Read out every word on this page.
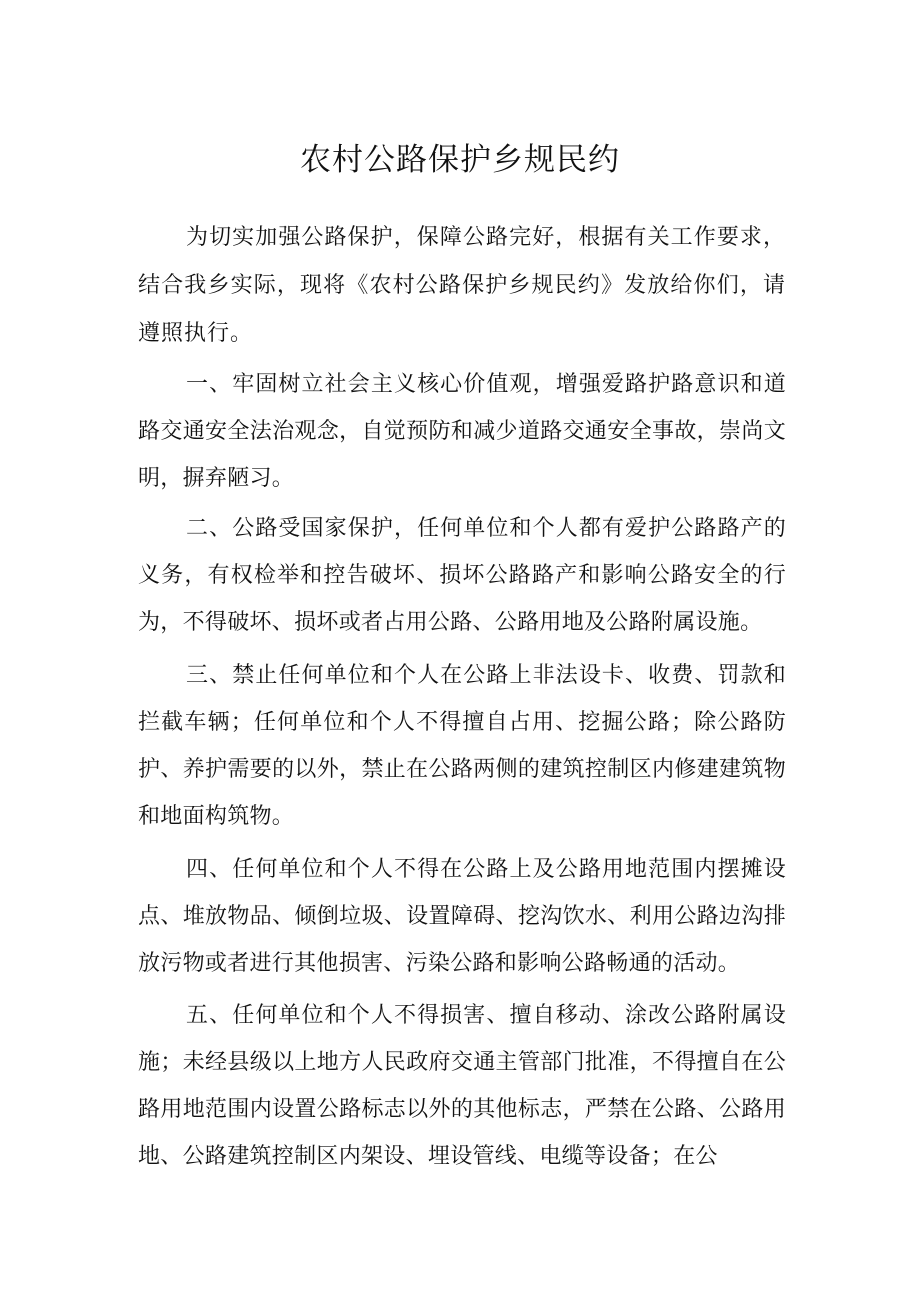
农村公路保护乡规民约

为切实加强公路保护，保障公路完好，根据有关工作要求，结合我乡实际，现将《农村公路保护乡规民约》发放给你们，请遵照执行。

一、牢固树立社会主义核心价值观，增强爱路护路意识和道路交通安全法治观念，自觉预防和减少道路交通安全事故，崇尚文明，摒弃陋习。

二、公路受国家保护，任何单位和个人都有爱护公路路产的义务，有权检举和控告破坏、损坏公路路产和影响公路安全的行为，不得破坏、损坏或者占用公路、公路用地及公路附属设施。

三、禁止任何单位和个人在公路上非法设卡、收费、罚款和拦截车辆；任何单位和个人不得擅自占用、挖掘公路；除公路防护、养护需要的以外，禁止在公路两侧的建筑控制区内修建建筑物和地面构筑物。

四、任何单位和个人不得在公路上及公路用地范围内摆摊设点、堆放物品、倾倒垃圾、设置障碍、挖沟饮水、利用公路边沟排放污物或者进行其他损害、污染公路和影响公路畅通的活动。

五、任何单位和个人不得损害、擅自移动、涂改公路附属设施；未经县级以上地方人民政府交通主管部门批准，不得擅自在公路用地范围内设置公路标志以外的其他标志，严禁在公路、公路用地、公路建筑控制区内架设、埋设管线、电缆等设备；在公
